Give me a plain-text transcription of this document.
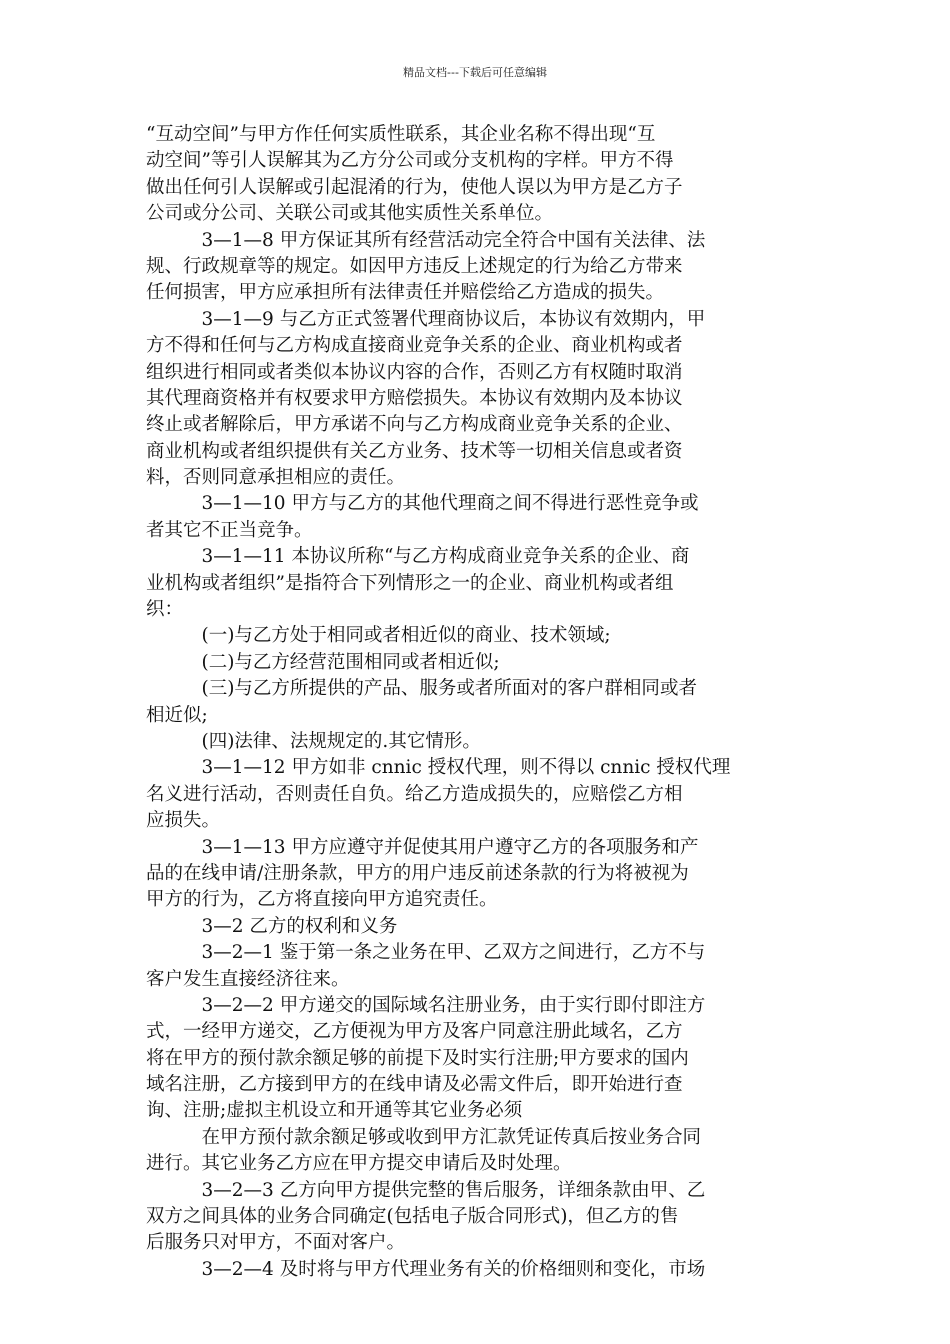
精品文档---下载后可任意编辑
“互动空间”与甲方作任何实质性联系，其企业名称不得出现“互
动空间”等引人误解其为乙方分公司或分支机构的字样。甲方不得
做出任何引人误解或引起混淆的行为，使他人误以为甲方是乙方子
公司或分公司、关联公司或其他实质性关系单位。
　　　3—1—8 甲方保证其所有经营活动完全符合中国有关法律、法
规、行政规章等的规定。如因甲方违反上述规定的行为给乙方带来
任何损害，甲方应承担所有法律责任并赔偿给乙方造成的损失。
　　　3—1—9 与乙方正式签署代理商协议后，本协议有效期内，甲
方不得和任何与乙方构成直接商业竞争关系的企业、商业机构或者
组织进行相同或者类似本协议内容的合作，否则乙方有权随时取消
其代理商资格并有权要求甲方赔偿损失。本协议有效期内及本协议
终止或者解除后，甲方承诺不向与乙方构成商业竞争关系的企业、
商业机构或者组织提供有关乙方业务、技术等一切相关信息或者资
料，否则同意承担相应的责任。
　　　3—1—10 甲方与乙方的其他代理商之间不得进行恶性竞争或
者其它不正当竞争。
　　　3—1—11 本协议所称“与乙方构成商业竞争关系的企业、商
业机构或者组织”是指符合下列情形之一的企业、商业机构或者组
织：
　　　(一)与乙方处于相同或者相近似的商业、技术领域;
　　　(二)与乙方经营范围相同或者相近似;
　　　(三)与乙方所提供的产品、服务或者所面对的客户群相同或者
相近似;
　　　(四)法律、法规规定的.其它情形。
　　　3—1—12 甲方如非 cnnic 授权代理，则不得以 cnnic 授权代理
名义进行活动，否则责任自负。给乙方造成损失的，应赔偿乙方相
应损失。
　　　3—1—13 甲方应遵守并促使其用户遵守乙方的各项服务和产
品的在线申请/注册条款，甲方的用户违反前述条款的行为将被视为
甲方的行为，乙方将直接向甲方追究责任。
　　　3—2 乙方的权利和义务
　　　3—2—1 鉴于第一条之业务在甲、乙双方之间进行，乙方不与
客户发生直接经济往来。
　　　3—2—2 甲方递交的国际域名注册业务，由于实行即付即注方
式，一经甲方递交，乙方便视为甲方及客户同意注册此域名，乙方
将在甲方的预付款余额足够的前提下及时实行注册;甲方要求的国内
域名注册，乙方接到甲方的在线申请及必需文件后，即开始进行查
询、注册;虚拟主机设立和开通等其它业务必须
　　　在甲方预付款余额足够或收到甲方汇款凭证传真后按业务合同
进行。其它业务乙方应在甲方提交申请后及时处理。
　　　3—2—3 乙方向甲方提供完整的售后服务，详细条款由甲、乙
双方之间具体的业务合同确定(包括电子版合同形式)，但乙方的售
后服务只对甲方，不面对客户。
　　　3—2—4 及时将与甲方代理业务有关的价格细则和变化，市场
